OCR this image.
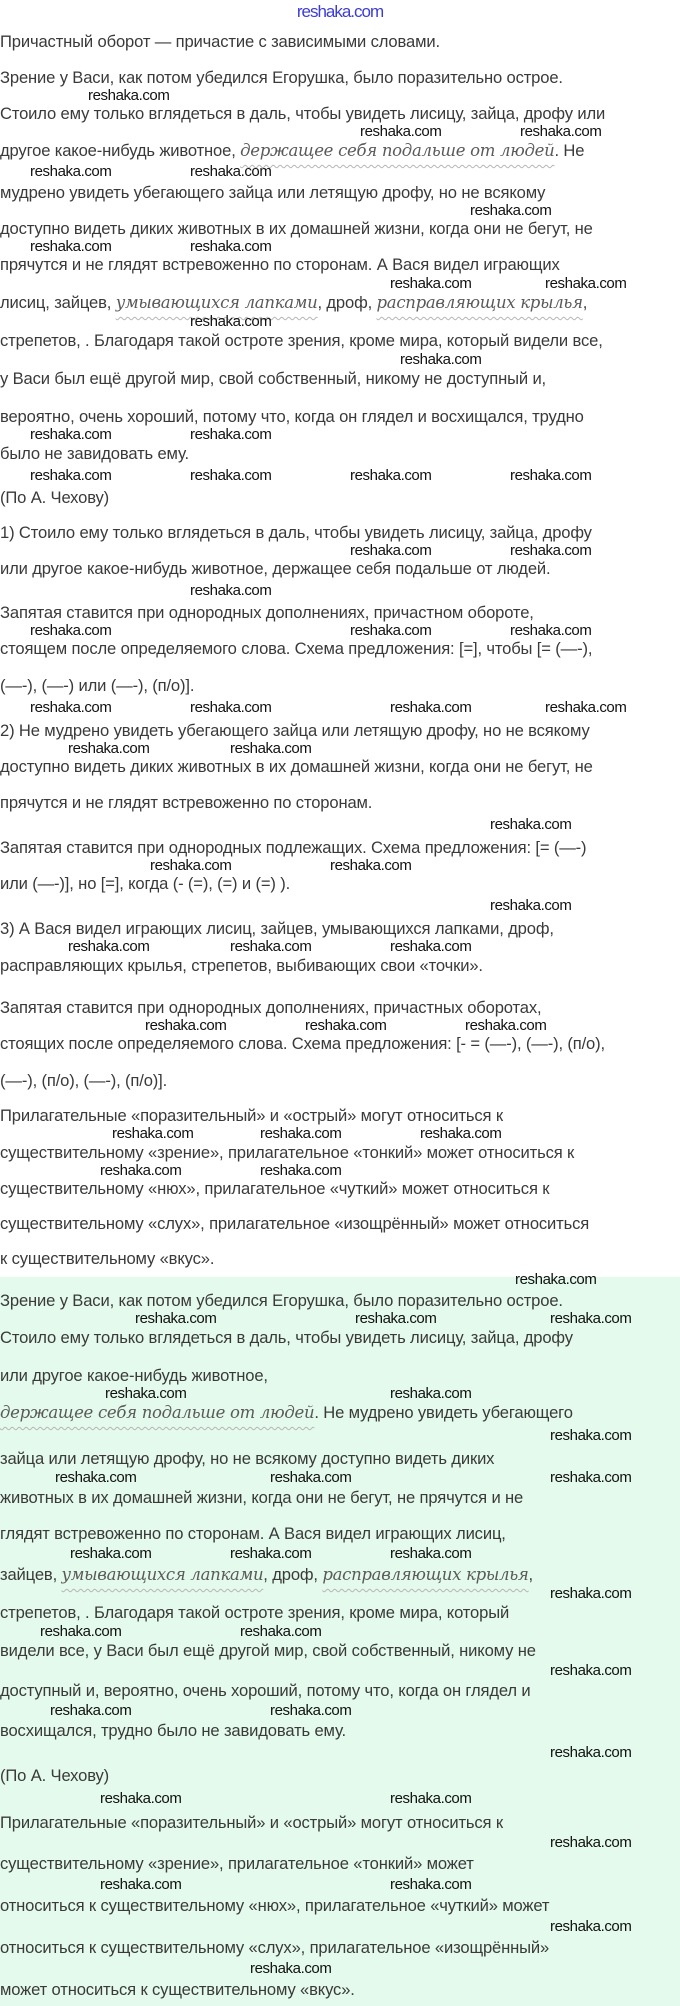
reshaka.com
Причастный оборот — причастие с зависимыми словами.
Зрение у Васи, как потом убедился Егорушка, было поразительно острое.
Стоило ему только вглядеться в даль, чтобы увидеть лисицу, зайца, дрофу или
другое какое-нибудь животное, держащее себя подальше от людей. Не
мудрено увидеть убегающего зайца или летящую дрофу, но не всякому
доступно видеть диких животных в их домашней жизни, когда они не бегут, не
прячутся и не глядят встревоженно по сторонам. А Вася видел играющих
лисиц, зайцев, умывающихся лапками, дроф, расправляющих крылья,
стрепетов, . Благодаря такой остроте зрения, кроме мира, который видели все,
у Васи был ещё другой мир, свой собственный, никому не доступный и,
вероятно, очень хороший, потому что, когда он глядел и восхищался, трудно
было не завидовать ему.
(По А. Чехову)
1) Стоило ему только вглядеться в даль, чтобы увидеть лисицу, зайца, дрофу
или другое какое-нибудь животное, держащее себя подальше от людей.
Запятая ставится при однородных дополнениях, причастном обороте,
стоящем после определяемого слова. Схема предложения: [=], чтобы [= (—-),
(—-), (—-) или (—-), (п/о)].
2) Не мудрено увидеть убегающего зайца или летящую дрофу, но не всякому
доступно видеть диких животных в их домашней жизни, когда они не бегут, не
прячутся и не глядят встревоженно по сторонам.
Запятая ставится при однородных подлежащих. Схема предложения: [= (—-)
или (—-)], но [=], когда (- (=), (=) и (=) ).
3) А Вася видел играющих лисиц, зайцев, умывающихся лапками, дроф,
расправляющих крылья, стрепетов, выбивающих свои «точки».
Запятая ставится при однородных дополнениях, причастных оборотах,
стоящих после определяемого слова. Схема предложения: [- = (—-), (—-), (п/о),
(—-), (п/о), (—-), (п/о)].
Прилагательные «поразительный» и «острый» могут относиться к
существительному «зрение», прилагательное «тонкий» может относиться к
существительному «нюх», прилагательное «чуткий» может относиться к
существительному «слух», прилагательное «изощрённый» может относиться
к существительному «вкус».
Зрение у Васи, как потом убедился Егорушка, было поразительно острое.
Стоило ему только вглядеться в даль, чтобы увидеть лисицу, зайца, дрофу
или другое какое-нибудь животное,
держащее себя подальше от людей. Не мудрено увидеть убегающего
зайца или летящую дрофу, но не всякому доступно видеть диких
животных в их домашней жизни, когда они не бегут, не прячутся и не
глядят встревоженно по сторонам. А Вася видел играющих лисиц,
зайцев, умывающихся лапками, дроф, расправляющих крылья,
стрепетов, . Благодаря такой остроте зрения, кроме мира, который
видели все, у Васи был ещё другой мир, свой собственный, никому не
доступный и, вероятно, очень хороший, потому что, когда он глядел и
восхищался, трудно было не завидовать ему.
(По А. Чехову)
Прилагательные «поразительный» и «острый» могут относиться к
существительному «зрение», прилагательное «тонкий» может
относиться к существительному «нюх», прилагательное «чуткий» может
относиться к существительному «слух», прилагательное «изощрённый»
может относиться к существительному «вкус».
reshaka.com
reshaka.com	reshaka.com
reshaka.com	reshaka.com
reshaka.com
reshaka.com	reshaka.com
reshaka.com	reshaka.com
reshaka.com
reshaka.com
reshaka.com	reshaka.com
reshaka.com	reshaka.com
reshaka.com	reshaka.com
reshaka.com	reshaka.com
reshaka.com
reshaka.com	reshaka.com	reshaka.com
reshaka.com	reshaka.com	reshaka.com	reshaka.com
reshaka.com	reshaka.com
reshaka.com
reshaka.com	reshaka.com
reshaka.com
reshaka.com	reshaka.com	reshaka.com
reshaka.com	reshaka.com	reshaka.com
reshaka.com	reshaka.com	reshaka.com
reshaka.com	reshaka.com
reshaka.com
reshaka.com	reshaka.com	reshaka.com
reshaka.com	reshaka.com
reshaka.com
reshaka.com	reshaka.com	reshaka.com
reshaka.com	reshaka.com	reshaka.com
reshaka.com
reshaka.com	reshaka.com
reshaka.com
reshaka.com	reshaka.com
reshaka.com
reshaka.com	reshaka.com
reshaka.com
reshaka.com	reshaka.com
reshaka.com
reshaka.com
